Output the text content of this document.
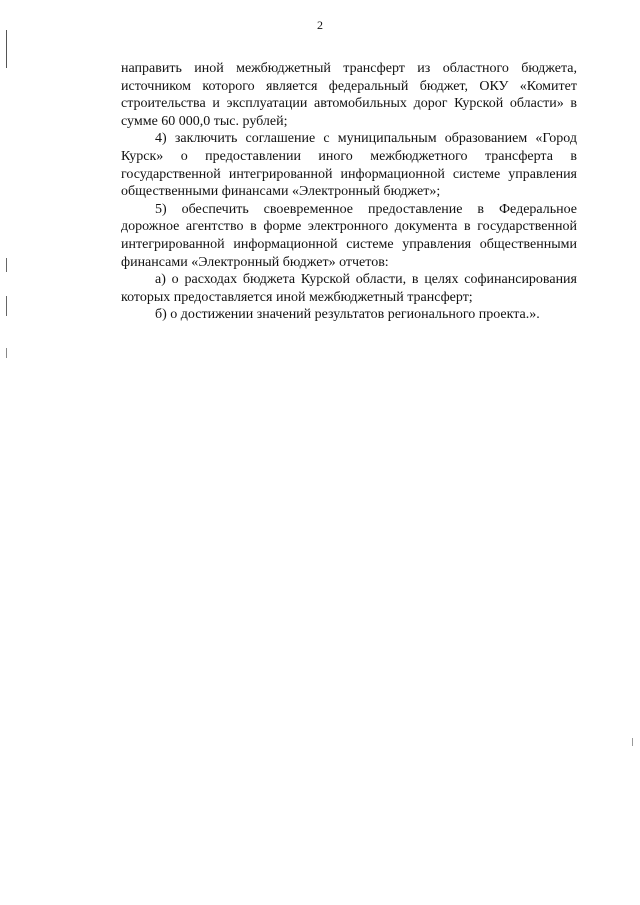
2

направить иной межбюджетный трансферт из областного бюджета, источником которого является федеральный бюджет, ОКУ «Комитет строительства и эксплуатации автомобильных дорог Курской области» в сумме 60 000,0 тыс. рублей;

4) заключить соглашение с муниципальным образованием «Город Курск» о предоставлении иного межбюджетного трансферта в государственной интегрированной информационной системе управления общественными финансами «Электронный бюджет»;

5) обеспечить своевременное предоставление в Федеральное дорожное агентство в форме электронного документа в государственной интегрированной информационной системе управления общественными финансами «Электронный бюджет» отчетов:

а) о расходах бюджета Курской области, в целях софинансирования которых предоставляется иной межбюджетный трансферт;

б) о достижении значений результатов регионального проекта.».
